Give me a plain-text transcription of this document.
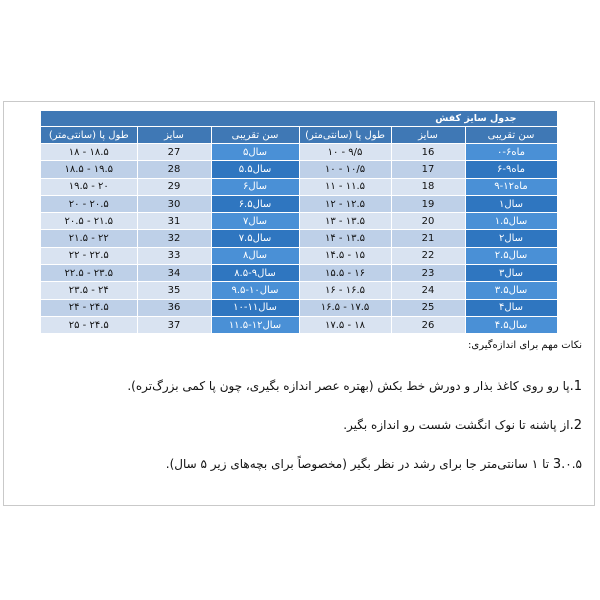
جدول سایز کفش					
طول پا (سانتی‌متر)	سایز	سن تقریبی	طول پا (سانتی‌متر)	سایز	سن تقریبی
۱۸ - ۱۸.۵	27	۵سال	۱۰ - ۹/۵	16	۰-۶ماه
۱۸.۵ - ۱۹.۵	28	۵.۵سال	۱۰ - ۱۰/۵	17	۶-۹ماه
۱۹.۵ - ۲۰	29	۶سال	۱۱ - ۱۱.۵	18	۹-۱۲ماه
۲۰ - ۲۰.۵	30	۶.۵سال	۱۲ - ۱۲.۵	19	۱سال
۲۰.۵ - ۲۱.۵	31	۷سال	۱۳ - ۱۳.۵	20	۱.۵سال
۲۱.۵ - ۲۲	32	۷.۵سال	۱۴ - ۱۳.۵	21	۲سال
۲۲ - ۲۲.۵	33	۸سال	۱۴.۵ - ۱۵	22	۲.۵سال
۲۲.۵ - ۲۳.۵	34	۸.۵-۹سال	۱۵.۵ - ۱۶	23	۳سال
۲۳.۵ - ۲۴	35	۹.۵-۱۰سال	۱۶ - ۱۶.۵	24	۳.۵سال
۲۴ - ۲۴.۵	36	۱۰-۱۱سال	۱۶.۵ - ۱۷.۵	25	۴سال
۲۵ - ۲۴.۵	37	۱۱.۵-۱۲سال	۱۷.۵ - ۱۸	26	۴.۵سال
نکات مهم برای اندازه‌گیری:
1.پا رو روی کاغذ بذار و دورش خط بکش (بهتره عصر اندازه بگیری، چون پا کمی بزرگ‌تره).
2.از پاشنه تا نوک انگشت شست رو اندازه بگیر.
3.۰.۵ تا ۱ سانتی‌متر جا برای رشد در نظر بگیر (مخصوصاً برای بچه‌های زیر ۵ سال).
